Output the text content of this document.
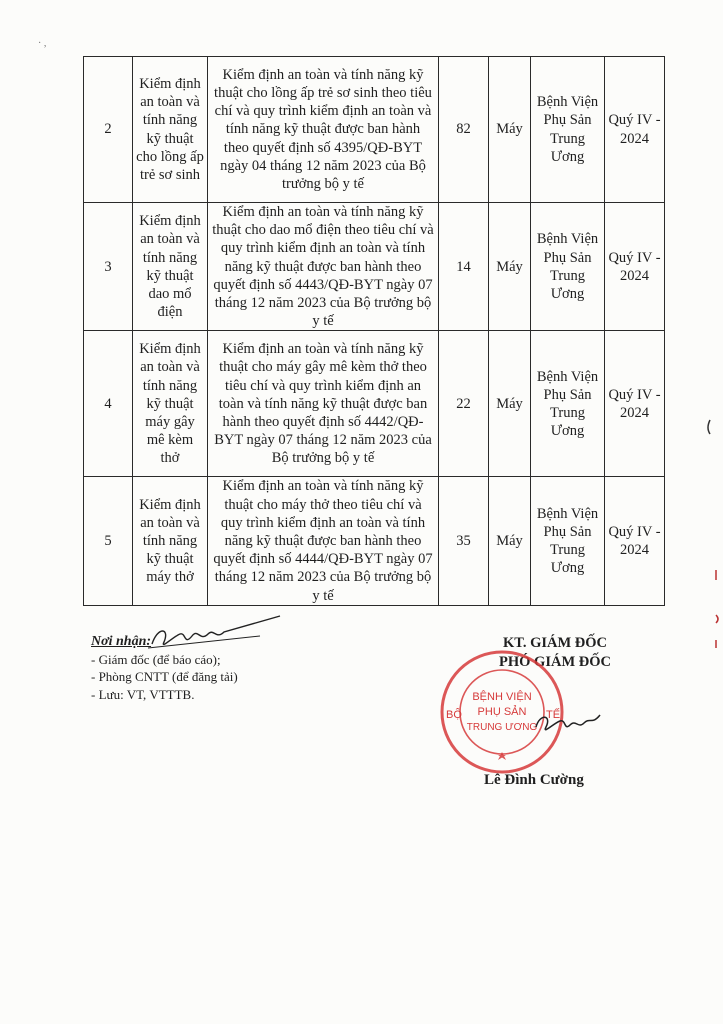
2	Kiểm định an toàn và tính năng kỹ thuật cho lồng ấp trẻ sơ sinh	Kiểm định an toàn và tính năng kỹ thuật cho lồng ấp trẻ sơ sinh theo tiêu chí và quy trình kiểm định an toàn và tính năng kỹ thuật được ban hành theo quyết định số 4395/QĐ-BYT ngày 04 tháng 12 năm 2023 của Bộ trưởng bộ y tế	82	Máy	Bệnh Viện Phụ Sản Trung Ương	Quý IV - 2024
3	Kiểm định an toàn và tính năng kỹ thuật dao mổ điện	Kiểm định an toàn và tính năng kỹ thuật cho dao mổ điện theo tiêu chí và quy trình kiểm định an toàn và tính năng kỹ thuật được ban hành theo quyết định số 4443/QĐ-BYT ngày 07 tháng 12 năm 2023 của Bộ trưởng bộ y tế	14	Máy	Bệnh Viện Phụ Sản Trung Ương	Quý IV - 2024
4	Kiểm định an toàn và tính năng kỹ thuật máy gây mê kèm thở	Kiểm định an toàn và tính năng kỹ thuật cho máy gây mê kèm thở theo tiêu chí và quy trình kiểm định an toàn và tính năng kỹ thuật được ban hành theo quyết định số 4442/QĐ-BYT ngày 07 tháng 12 năm 2023 của Bộ trưởng bộ y tế	22	Máy	Bệnh Viện Phụ Sản Trung Ương	Quý IV - 2024
5	Kiểm định an toàn và tính năng kỹ thuật máy thở	Kiểm định an toàn và tính năng kỹ thuật cho máy thở theo tiêu chí và quy trình kiểm định an toàn và tính năng kỹ thuật được ban hành theo quyết định số 4444/QĐ-BYT ngày 07 tháng 12 năm 2023 của Bộ trưởng bộ y tế	35	Máy	Bệnh Viện Phụ Sản Trung Ương	Quý IV - 2024
Nơi nhận:
- Giám đốc (để báo cáo);
- Phòng CNTT (để đăng tải)
- Lưu: VT, VTTTB.
KT. GIÁM ĐỐC
PHÓ GIÁM ĐỐC
BỘ	TẾ
BỆNH VIỆN
PHỤ SẢN
TRUNG ƯƠNG
Lê Đình Cường
· ,
